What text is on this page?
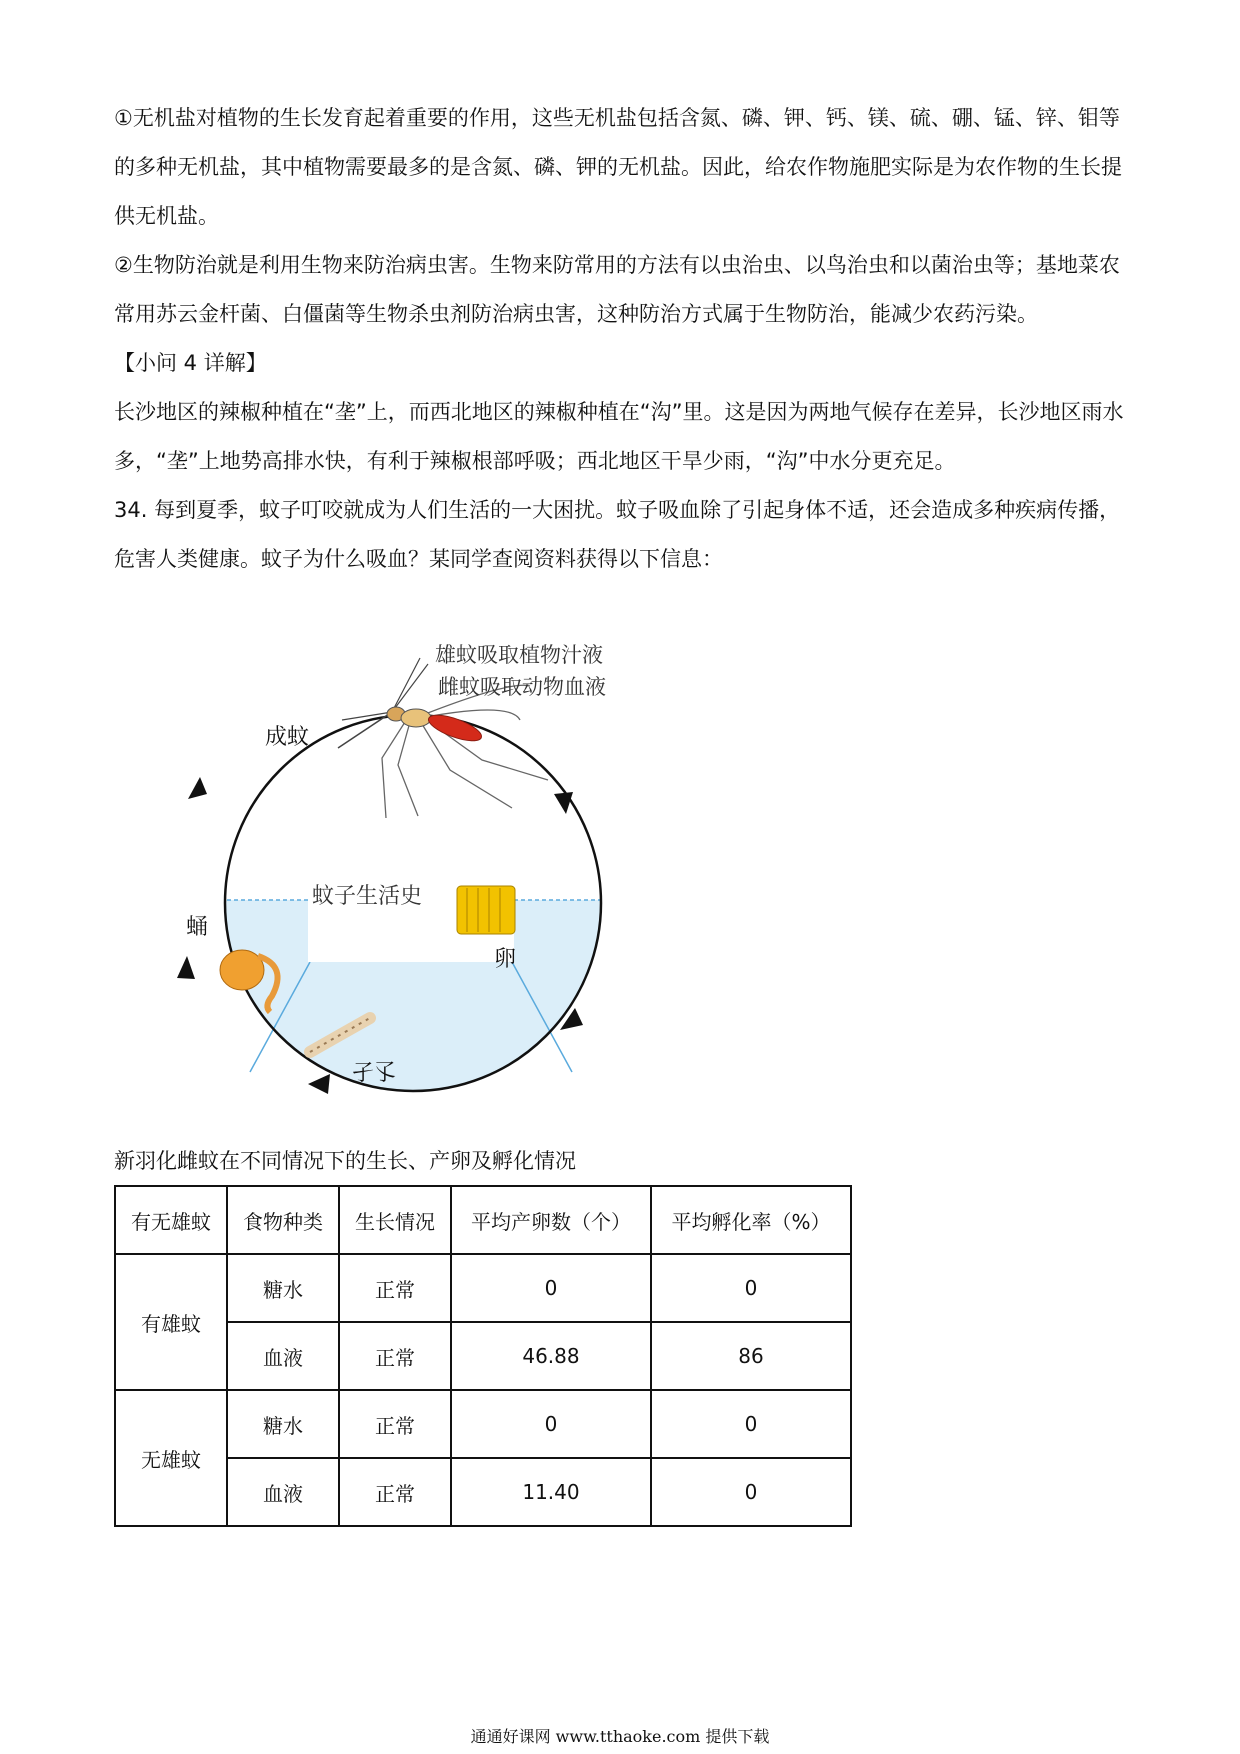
①无机盐对植物的生长发育起着重要的作用，这些无机盐包括含氮、磷、钾、钙、镁、硫、硼、锰、锌、钼等的多种无机盐，其中植物需要最多的是含氮、磷、钾的无机盐。因此，给农作物施肥实际是为农作物的生长提供无机盐。

②生物防治就是利用生物来防治病虫害。生物来防常用的方法有以虫治虫、以鸟治虫和以菌治虫等；基地菜农常用苏云金杆菌、白僵菌等生物杀虫剂防治病虫害，这种防治方式属于生物防治，能减少农药污染。

【小问 4 详解】

长沙地区的辣椒种植在“垄”上，而西北地区的辣椒种植在“沟”里。这是因为两地气候存在差异，长沙地区雨水多，“垄”上地势高排水快，有利于辣椒根部呼吸；西北地区干旱少雨，“沟”中水分更充足。

34. 每到夏季，蚊子叮咬就成为人们生活的一大困扰。蚊子吸血除了引起身体不适，还会造成多种疾病传播，危害人类健康。蚊子为什么吸血？某同学查阅资料获得以下信息：

雄蚊吸取植物汁液
雌蚊吸取动物血液
成蚊
蚊子生活史
蛹
卵
孑孓
新羽化雌蚊在不同情况下的生长、产卵及孵化情况
有无雄蚊	食物种类	生长情况	平均产卵数（个）	平均孵化率（%）
有雄蚊	糖水	正常	0	0
	血液	正常	46.88	86
无雄蚊	糖水	正常	0	0
	血液	正常	11.40	0
通通好课网 www.tthaoke.com 提供下载
